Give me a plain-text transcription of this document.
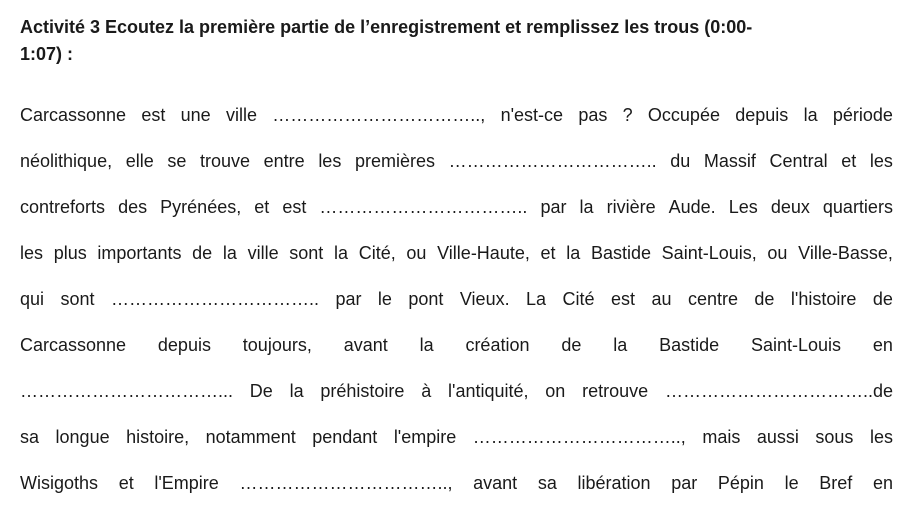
Activité 3 Ecoutez la première partie de l’enregistrement et remplissez les trous (0:00-
1:07) :
Carcassonne est une ville …………………………….., n'est-ce pas ? Occupée depuis la période
néolithique, elle se trouve entre les premières …………………………….. du Massif Central et les
contreforts des Pyrénées, et est …………………………….. par la rivière Aude. Les deux quartiers
les plus importants de la ville sont la Cité, ou Ville-Haute, et la Bastide Saint-Louis, ou Ville-Basse,
qui sont …………………………….. par le pont Vieux. La Cité est au centre de l'histoire de
Carcassonne depuis toujours, avant la création de la Bastide Saint-Louis en
……………………………... De la préhistoire à l'antiquité, on retrouve ……………………………..de
sa longue histoire, notamment pendant l'empire …………………………….., mais aussi sous les
Wisigoths et l'Empire …………………………….., avant sa libération par Pépin le Bref en
